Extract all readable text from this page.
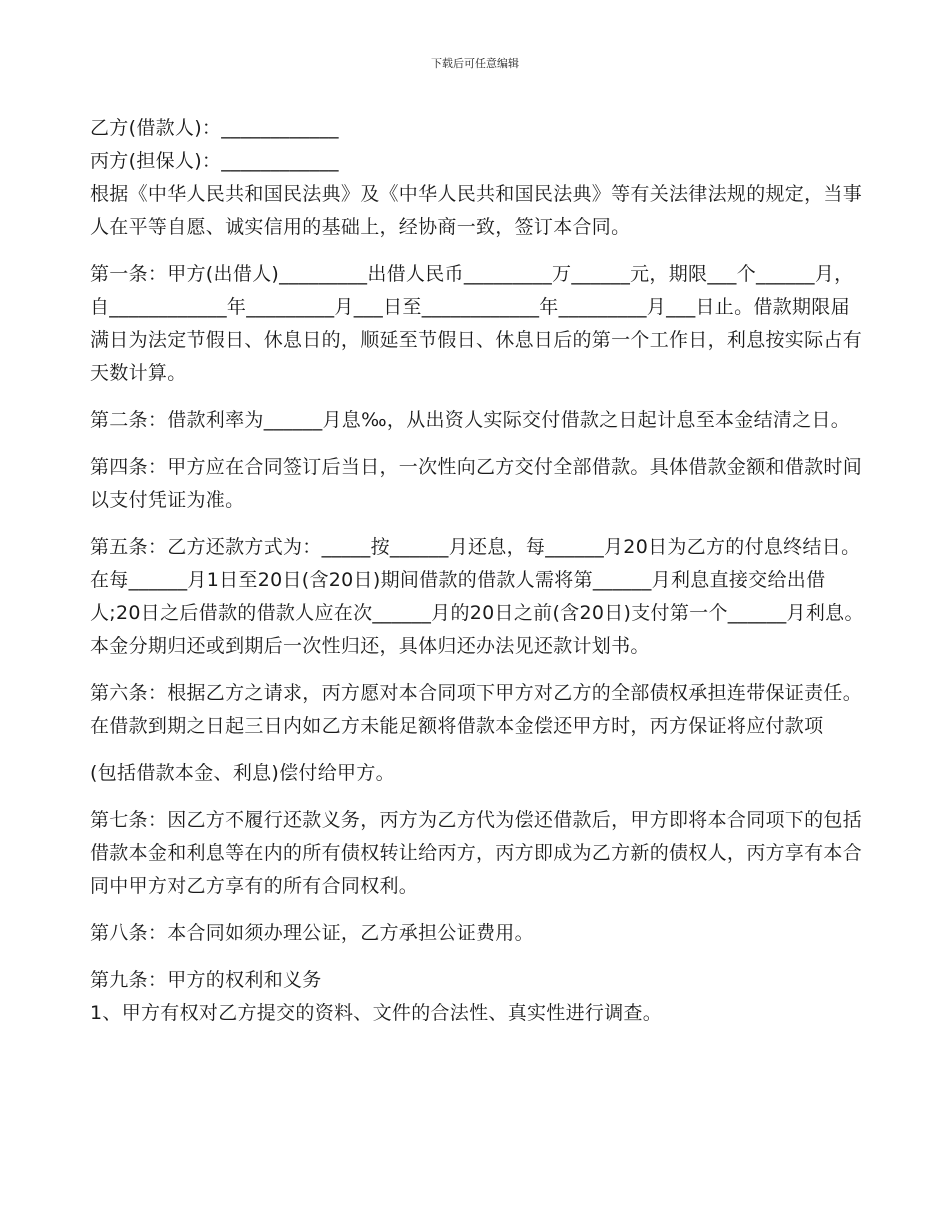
下载后可任意编辑

乙方(借款人)：____________

丙方(担保人)：____________

根据《中华人民共和国民法典》及《中华人民共和国民法典》等有关法律法规的规定，当事人在平等自愿、诚实信用的基础上，经协商一致，签订本合同。

第一条：甲方(出借人)_________出借人民币_________万______元，期限___个______月，自____________年_________月___日至____________年_________月___日止。借款期限届满日为法定节假日、休息日的，顺延至节假日、休息日后的第一个工作日，利息按实际占有天数计算。

第二条：借款利率为______月息‰，从出资人实际交付借款之日起计息至本金结清之日。

第四条：甲方应在合同签订后当日，一次性向乙方交付全部借款。具体借款金额和借款时间以支付凭证为准。

第五条：乙方还款方式为：_____按______月还息，每______月20日为乙方的付息终结日。在每______月1日至20日(含20日)期间借款的借款人需将第______月利息直接交给出借人;20日之后借款的借款人应在次______月的20日之前(含20日)支付第一个______月利息。本金分期归还或到期后一次性归还，具体归还办法见还款计划书。

第六条：根据乙方之请求，丙方愿对本合同项下甲方对乙方的全部债权承担连带保证责任。在借款到期之日起三日内如乙方未能足额将借款本金偿还甲方时，丙方保证将应付款项

(包括借款本金、利息)偿付给甲方。

第七条：因乙方不履行还款义务，丙方为乙方代为偿还借款后，甲方即将本合同项下的包括借款本金和利息等在内的所有债权转让给丙方，丙方即成为乙方新的债权人，丙方享有本合同中甲方对乙方享有的所有合同权利。

第八条：本合同如须办理公证，乙方承担公证费用。

第九条：甲方的权利和义务

1、甲方有权对乙方提交的资料、文件的合法性、真实性进行调查。
